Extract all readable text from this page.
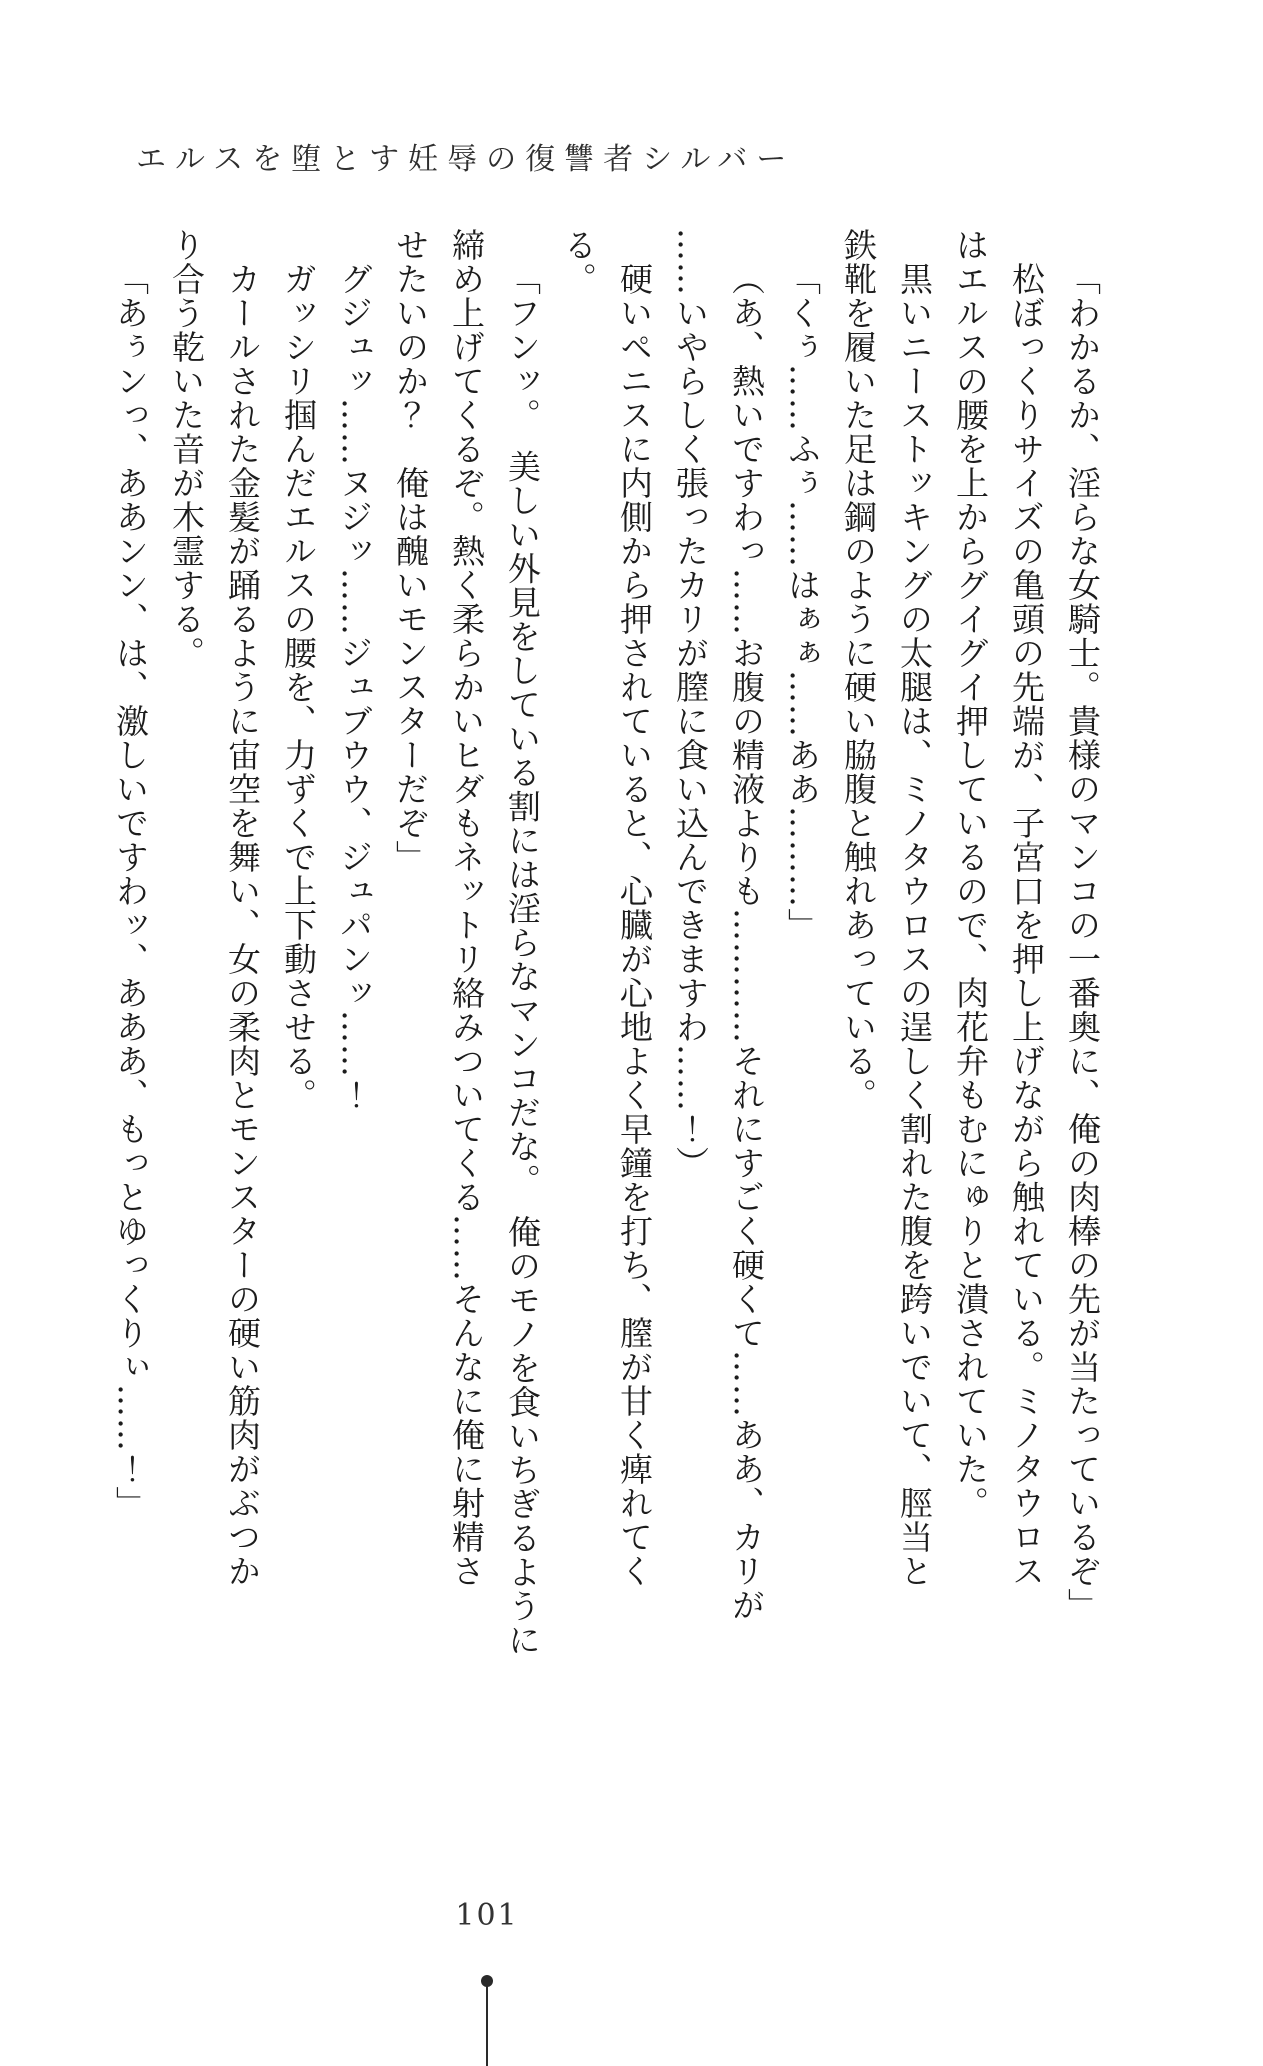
エルスを堕とす妊辱の復讐者シルバー
「わかるか、淫らな女騎士。貴様のマンコの一番奥に、俺の肉棒の先が当たっているぞ」
松ぼっくりサイズの亀頭の先端が、子宮口を押し上げながら触れている。ミノタウロス
はエルスの腰を上からグイグイ押しているので、肉花弁もむにゅりと潰されていた。
黒いニーストッキングの太腿は、ミノタウロスの逞しく割れた腹を跨いでいて、脛当と
鉄靴を履いた足は鋼のように硬い脇腹と触れあっている。
「くぅ……ふぅ……はぁぁ……ああ………」
（あ、熱いですわっ……お腹の精液よりも…………それにすごく硬くて……ああ、カリが
……いやらしく張ったカリが膣に食い込んできますわ……！）
硬いペニスに内側から押されていると、心臓が心地よく早鐘を打ち、膣が甘く痺れてく
る。
「フンッ。　美しい外見をしている割には淫らなマンコだな。　俺のモノを食いちぎるように
締め上げてくるぞ。熱く柔らかいヒダもネットリ絡みついてくる……そんなに俺に射精さ
せたいのか？　俺は醜いモンスターだぞ」
グジュッ……ヌジッ……ジュブウウ、ジュパンッ……！
ガッシリ掴んだエルスの腰を、力ずくで上下動させる。
カールされた金髪が踊るように宙空を舞い、女の柔肉とモンスターの硬い筋肉がぶつか
り合う乾いた音が木霊する。
「あぅンっ、ああンン、は、激しいですわッ、あああ、もっとゆっくりぃ……！」
101
